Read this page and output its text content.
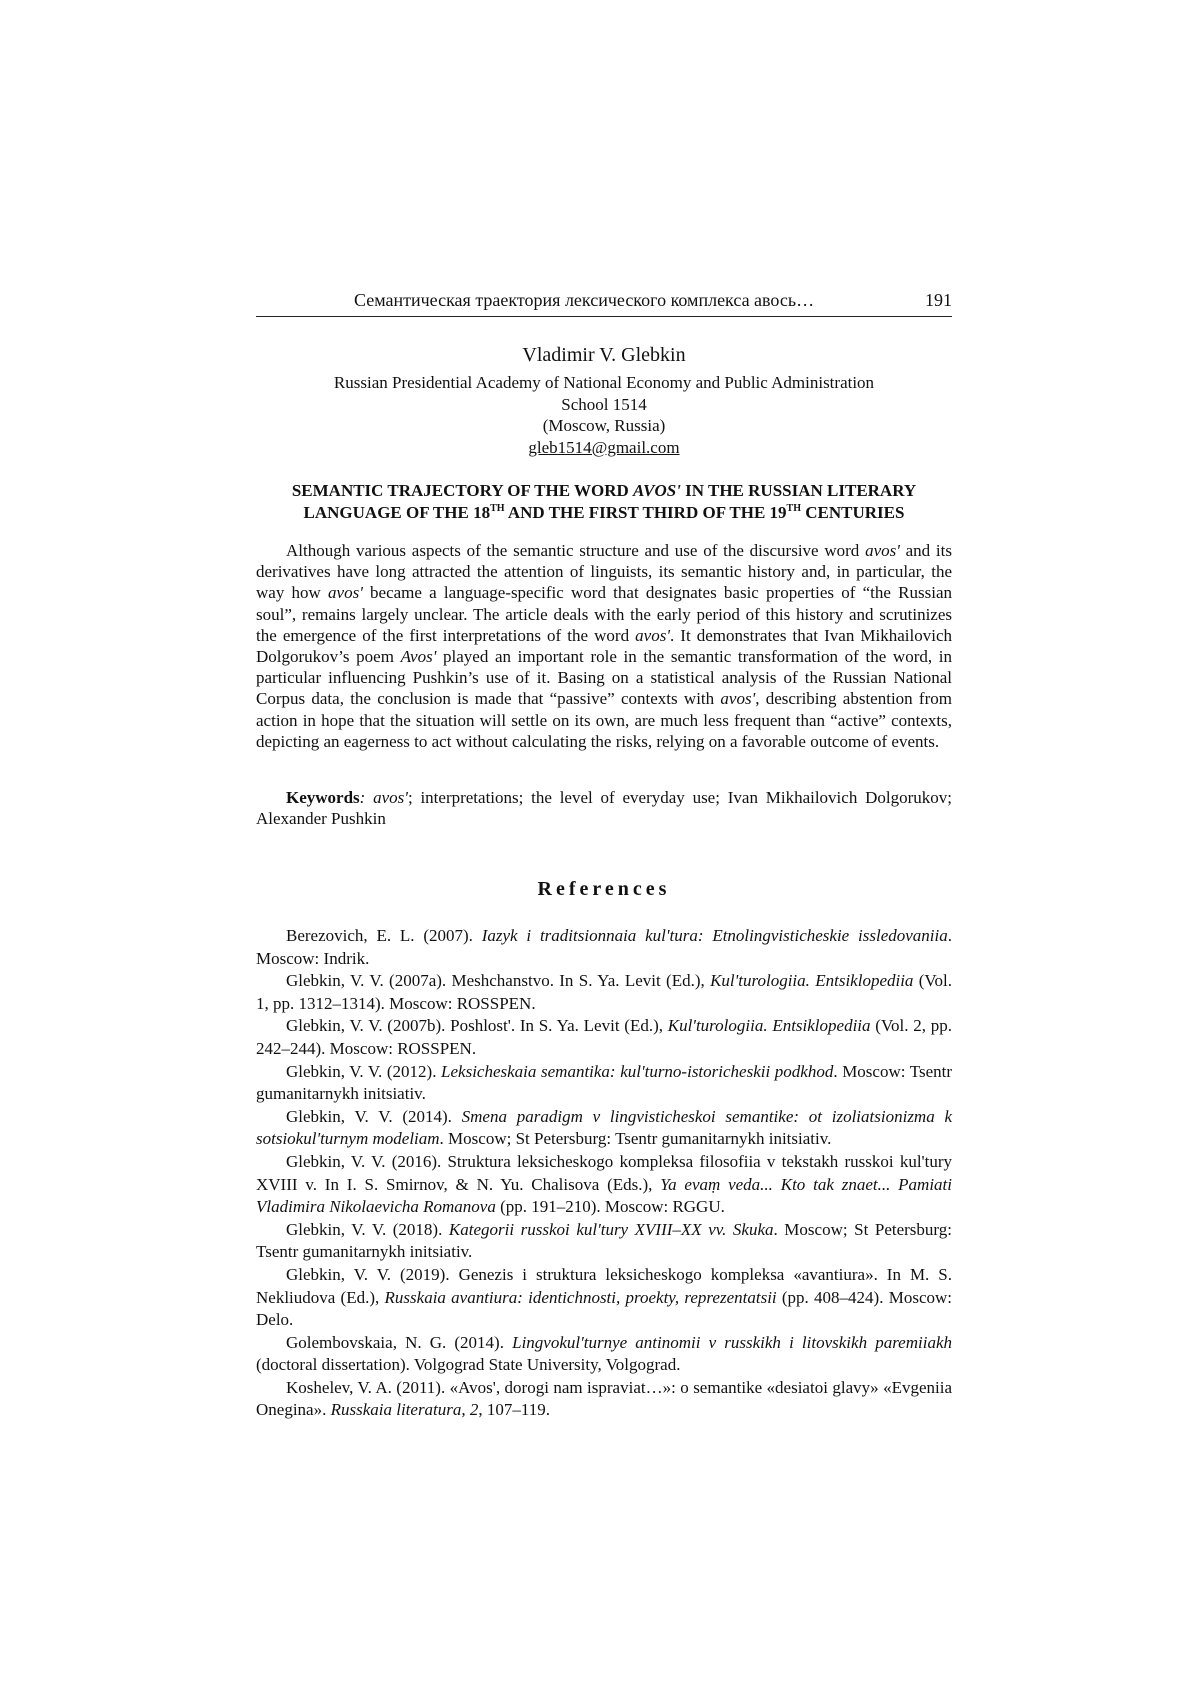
Семантическая траектория лексического комплекса авось…	191
Vladimir V. Glebkin
Russian Presidential Academy of National Economy and Public Administration
School 1514
(Moscow, Russia)
gleb1514@gmail.com
SEMANTIC TRAJECTORY OF THE WORD AVOS' IN THE RUSSIAN LITERARY
LANGUAGE OF THE 18TH AND THE FIRST THIRD OF THE 19TH CENTURIES

Although various aspects of the semantic structure and use of the discursive word avos' and its derivatives have long attracted the attention of linguists, its semantic history and, in particular, the way how avos' became a language-specific word that designates basic properties of “the Russian soul”, remains largely unclear. The article deals with the early period of this history and scrutinizes the emergence of the first interpretations of the word avos'. It demonstrates that Ivan Mikhailovich Dolgorukov’s poem Avos' played an important role in the semantic transformation of the word, in particular influencing Pushkin’s use of it. Basing on a statistical analysis of the Russian National Corpus data, the conclusion is made that “passive” contexts with avos', describing abstention from action in hope that the situation will settle on its own, are much less frequent than “active” contexts, depicting an eagerness to act without calculating the risks, relying on a favorable outcome of events.

Keywords: avos'; interpretations; the level of everyday use; Ivan Mikhailovich Dolgorukov; Alexander Pushkin

References

Berezovich, E. L. (2007). Iazyk i traditsionnaia kul'tura: Etnolingvisticheskie issledovaniia. Moscow: Indrik.

Glebkin, V. V. (2007a). Meshchanstvo. In S. Ya. Levit (Ed.), Kul'turologiia. Entsiklopediia (Vol. 1, pp. 1312–1314). Moscow: ROSSPEN.

Glebkin, V. V. (2007b). Poshlost'. In S. Ya. Levit (Ed.), Kul'turologiia. Entsiklopediia (Vol. 2, pp. 242–244). Moscow: ROSSPEN.

Glebkin, V. V. (2012). Leksicheskaia semantika: kul'turno-istoricheskii podkhod. Moscow: Tsentr gumanitarnykh initsiativ.

Glebkin, V. V. (2014). Smena paradigm v lingvisticheskoi semantike: ot izoliatsionizma k sotsiokul'turnym modeliam. Moscow; St Petersburg: Tsentr gumanitarnykh initsiativ.

Glebkin, V. V. (2016). Struktura leksicheskogo kompleksa filosofiia v tekstakh russkoi kul'tury XVIII v. In I. S. Smirnov, & N. Yu. Chalisova (Eds.), Ya evaṃ veda... Kto tak znaet... Pamiati Vladimira Nikolaevicha Romanova (pp. 191–210). Moscow: RGGU.

Glebkin, V. V. (2018). Kategorii russkoi kul'tury XVIII–XX vv. Skuka. Moscow; St Petersburg: Tsentr gumanitarnykh initsiativ.

Glebkin, V. V. (2019). Genezis i struktura leksicheskogo kompleksa «avantiura». In M. S. Nekliudova (Ed.), Russkaia avantiura: identichnosti, proekty, reprezentatsii (pp. 408–424). Moscow: Delo.

Golembovskaia, N. G. (2014). Lingvokul'turnye antinomii v russkikh i litovskikh paremiiakh (doctoral dissertation). Volgograd State University, Volgograd.

Koshelev, V. A. (2011). «Avos', dorogi nam ispraviat…»: o semantike «desiatoi glavy» «Evgeniia Onegina». Russkaia literatura, 2, 107–119.
